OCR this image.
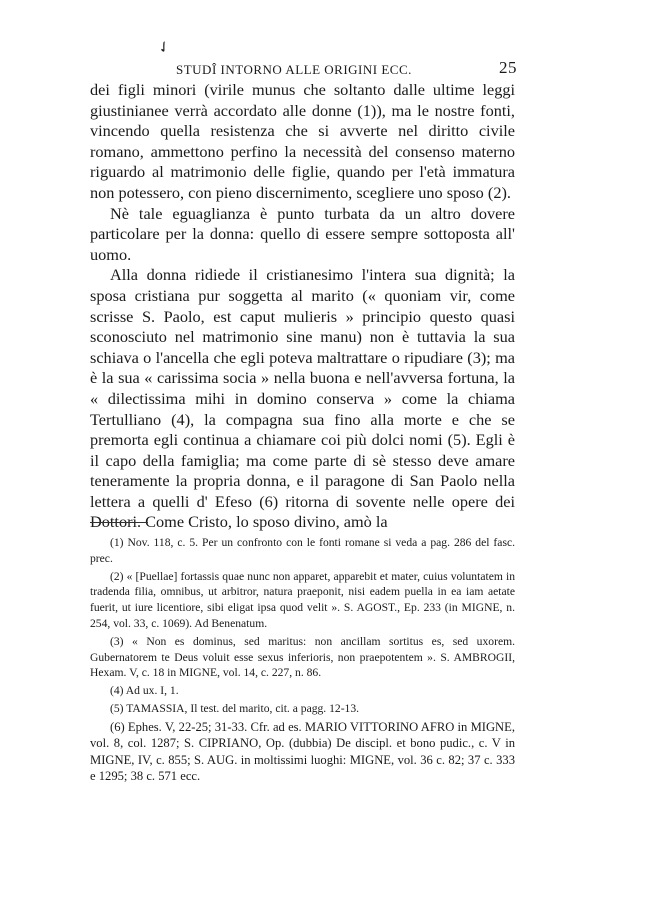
✓
STUDÎ INTORNO ALLE ORIGINI ECC.	25

dei figli minori (virile munus che soltanto dalle ultime leggi giustinianee verrà accordato alle donne (1)), ma le nostre fonti, vincendo quella resistenza che si avverte nel diritto civile romano, ammettono perfino la necessità del consenso materno riguardo al matrimonio delle figlie, quando per l'età immatura non potessero, con pieno discernimento, scegliere uno sposo (2).

Nè tale eguaglianza è punto turbata da un altro dovere particolare per la donna: quello di essere sempre sottoposta all' uomo.

Alla donna ridiede il cristianesimo l'intera sua dignità; la sposa cristiana pur soggetta al marito (« quoniam vir, come scrisse S. Paolo, est caput mulieris » principio questo quasi sconosciuto nel matrimonio sine manu) non è tuttavia la sua schiava o l'ancella che egli poteva maltrattare o ripudiare (3); ma è la sua « carissima socia » nella buona e nell'avversa fortuna, la « dilectissima mihi in domino conserva » come la chiama Tertulliano (4), la compagna sua fino alla morte e che se premorta egli continua a chiamare coi più dolci nomi (5). Egli è il capo della famiglia; ma come parte di sè stesso deve amare teneramente la propria donna, e il paragone di San Paolo nella lettera a quelli d' Efeso (6) ritorna di sovente nelle opere dei Dottori. Come Cristo, lo sposo divino, amò la

(1) Nov. 118, c. 5. Per un confronto con le fonti romane si veda a pag. 286 del fasc. prec.

(2) « [Puellae] fortassis quae nunc non apparet, apparebit et mater, cuius voluntatem in tradenda filia, omnibus, ut arbitror, natura praeponit, nisi eadem puella in ea iam aetate fuerit, ut iure licentiore, sibi eligat ipsa quod velit ». S. AGOST., Ep. 233 (in MIGNE, n. 254, vol. 33, c. 1069). Ad Benenatum.

(3) « Non es dominus, sed maritus: non ancillam sortitus es, sed uxorem. Gubernatorem te Deus voluit esse sexus inferioris, non praepotentem ». S. AMBROGII, Hexam. V, c. 18 in MIGNE, vol. 14, c. 227, n. 86.

(4) Ad ux. I, 1.

(5) TAMASSIA, Il test. del marito, cit. a pagg. 12-13.

(6) Ephes. V, 22-25; 31-33. Cfr. ad es. MARIO VITTORINO AFRO in MIGNE, vol. 8, col. 1287; S. CIPRIANO, Op. (dubbia) De discipl. et bono pudic., c. V in MIGNE, IV, c. 855; S. AUG. in moltissimi luoghi: MIGNE, vol. 36 c. 82; 37 c. 333 e 1295; 38 c. 571 ecc.
